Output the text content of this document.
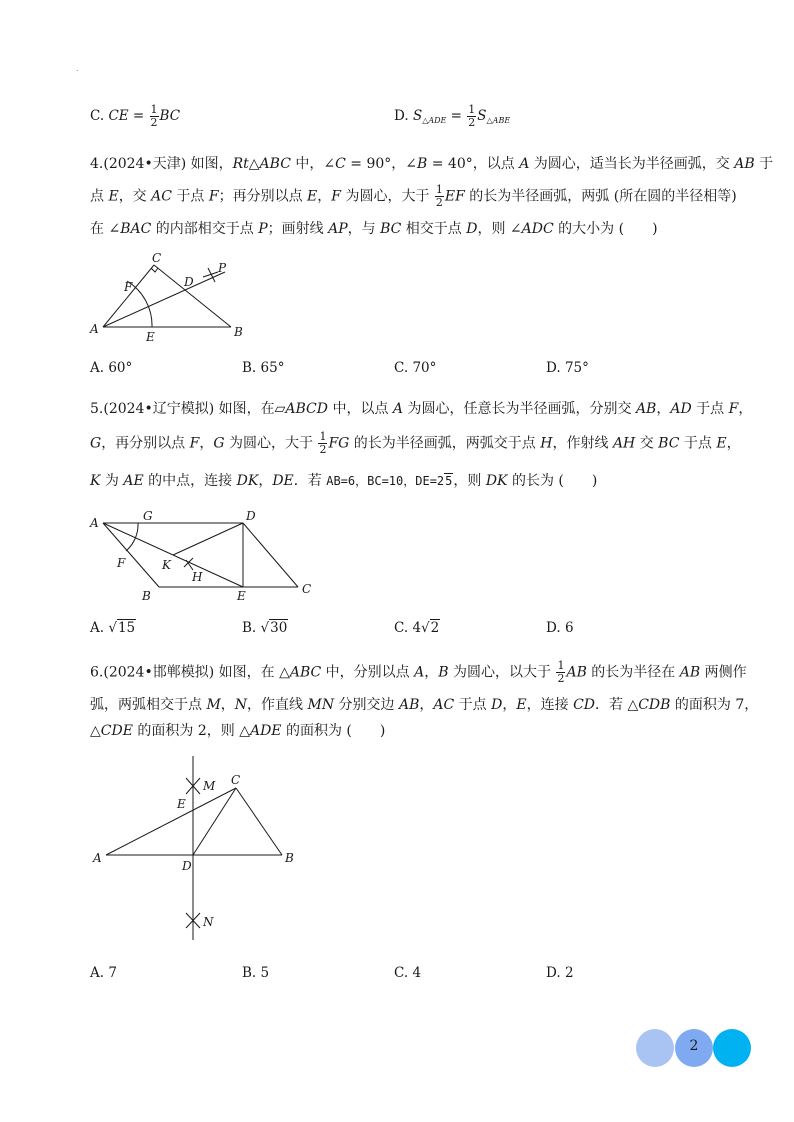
.
C. CE = $\frac{1}{2}$ BC	D. $S_{\triangle ADE} = \frac{1}{2} S_{\triangle ABE}$
4.(2024•天津) 如图，Rt△ABC 中，∠C = 90°，∠B = 40°，以点 A 为圆心，适当长为半径画弧，交 AB 于
点 E，交 AC 于点 F；再分别以点 E，F 为圆心，大于 $\frac{1}{2}$ EF 的长为半径画弧，两弧 (所在圆的半径相等)
在 ∠BAC 的内部相交于点 P；画射线 AP，与 BC 相交于点 D，则 ∠ADC 的大小为 (　　)
A	B
C
D
E
F
P
A. 60°	B. 65°	C. 70°	D. 75°
5.(2024•辽宁模拟) 如图，在▱ABCD 中，以点 A 为圆心，任意长为半径画弧，分别交 AB，AD 于点 F，
G，再分别以点 F，G 为圆心，大于 $\frac{1}{2}$ FG 的长为半径画弧，两弧交于点 H，作射线 AH 交 BC 于点 E，
K 为 AE 的中点，连接 DK，DE．若 AB=6，BC=10，DE=25，则 DK 的长为 (　　)
A
B	C
D
E
F
G
H
K
A. √15	B. √30	C. 4√2	D. 6
6.(2024•邯郸模拟) 如图，在 △ABC 中，分别以点 A，B 为圆心，以大于 $\frac{1}{2}$ AB 的长为半径在 AB 两侧作
弧，两弧相交于点 M，N，作直线 MN 分别交边 AB，AC 于点 D，E，连接 CD．若 △CDB 的面积为 7，
△CDE 的面积为 2，则 △ADE 的面积为 (　　)
A	B
C
D
E
M
N
A. 7	B. 5	C. 4	D. 2
2
